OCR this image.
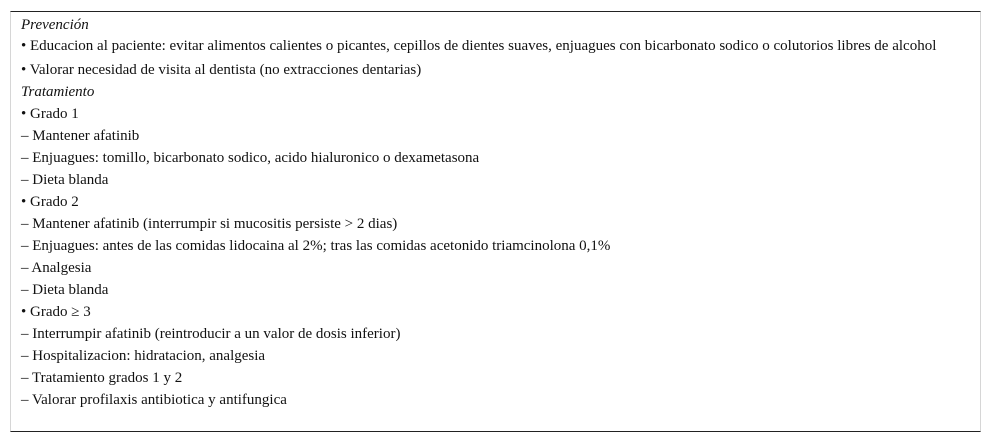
Prevención
• Educacion al paciente: evitar alimentos calientes o picantes, cepillos de dientes suaves, enjuagues con bicarbonato sodico o colutorios libres de alcohol
• Valorar necesidad de visita al dentista (no extracciones dentarias)
Tratamiento
• Grado 1
– Mantener afatinib
– Enjuagues: tomillo, bicarbonato sodico, acido hialuronico o dexametasona
– Dieta blanda
• Grado 2
– Mantener afatinib (interrumpir si mucositis persiste > 2 dias)
– Enjuagues: antes de las comidas lidocaina al 2%; tras las comidas acetonido triamcinolona 0,1%
– Analgesia
– Dieta blanda
• Grado ≥ 3
– Interrumpir afatinib (reintroducir a un valor de dosis inferior)
– Hospitalizacion: hidratacion, analgesia
– Tratamiento grados 1 y 2
– Valorar profilaxis antibiotica y antifungica
